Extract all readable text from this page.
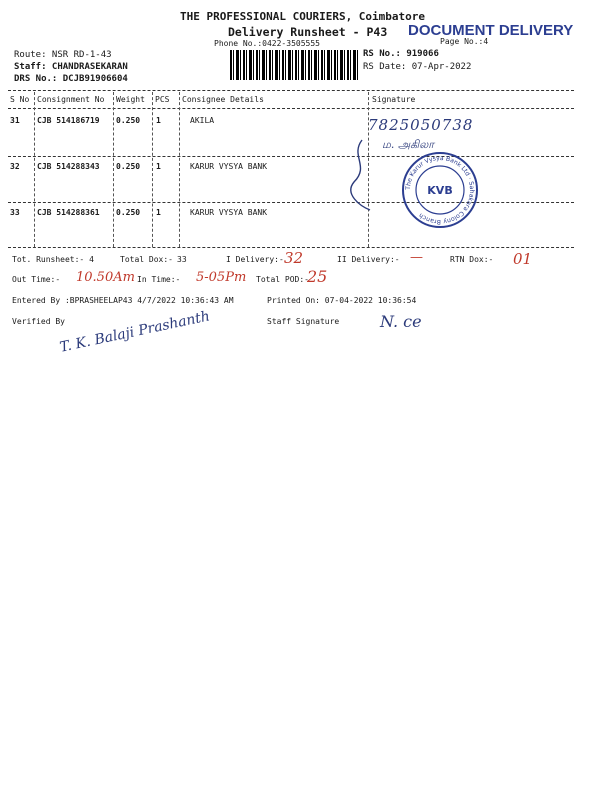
THE PROFESSIONAL COURIERS, Coimbatore
Delivery Runsheet - P43
Phone No.:0422-3505555	Page No.:4
DOCUMENT DELIVERY
Route: NSR RD-1-43
Staff: CHANDRASEKARAN
DRS No.: DCJB91906604
RS No.: 919066
RS Date: 07-Apr-2022
S No Consignment No Weight PCS Consignee Details	Signature
31 CJB 514186719 0.250 1	AKILA
32 CJB 514288343 0.250 1	KARUR VYSYA BANK
33 CJB 514288361 0.250 1	KARUR VYSYA BANK
7825050738
ம. அகிலா
The Karur Vysya Bank Ltd · Sahakara Colony Branch
KVB
Tot. Runsheet:- 4	Total Dox:- 33	I Delivery:- 32	II Delivery:- —	RTN Dox:- 01
Out Time:- 10.50Am In Time:- 5-05Pm Total POD:-
25
Entered By :BPRASHEELAP43 4/7/2022 10:36:43 AM	Printed On: 07-04-2022 10:36:54
Verified By	Staff Signature
T. K. Balaji Prashanth	N. ce
